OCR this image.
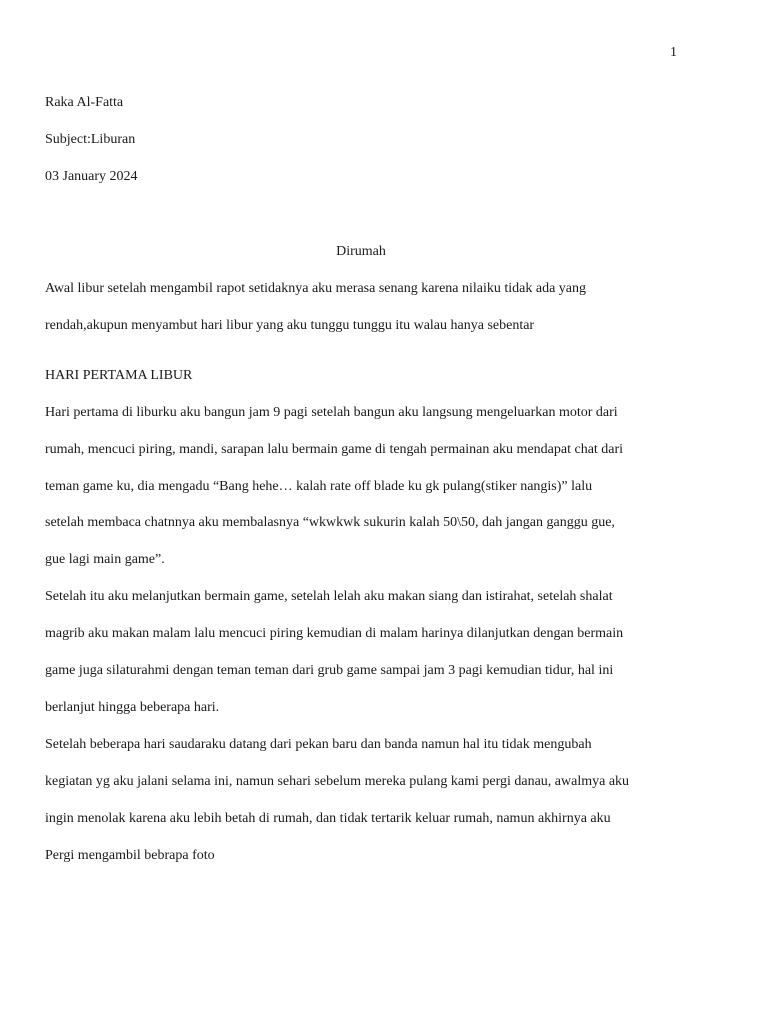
1
Raka Al-Fatta
Subject:Liburan
03 January 2024
Dirumah
Awal libur setelah mengambil rapot setidaknya aku merasa senang karena nilaiku tidak ada yang
rendah,akupun menyambut hari libur yang aku tunggu tunggu itu walau hanya sebentar
HARI PERTAMA LIBUR
Hari pertama di liburku aku bangun jam 9 pagi setelah bangun aku langsung mengeluarkan motor dari
rumah, mencuci piring, mandi, sarapan lalu bermain game di tengah permainan aku mendapat chat dari
teman game ku, dia mengadu “Bang hehe… kalah rate off blade ku gk pulang(stiker nangis)” lalu
setelah membaca chatnnya aku membalasnya “wkwkwk sukurin kalah 50\50, dah jangan ganggu gue,
gue lagi main game”.
Setelah itu aku melanjutkan bermain game, setelah lelah aku makan siang dan istirahat, setelah shalat
magrib aku makan malam lalu mencuci piring kemudian di malam harinya dilanjutkan dengan bermain
game juga silaturahmi dengan teman teman dari grub game sampai jam 3 pagi kemudian tidur, hal ini
berlanjut hingga beberapa hari.
Setelah beberapa hari saudaraku datang dari pekan baru dan banda namun hal itu tidak mengubah
kegiatan yg aku jalani selama ini, namun sehari sebelum mereka pulang kami pergi danau, awalmya aku
ingin menolak karena aku lebih betah di rumah, dan tidak tertarik keluar rumah, namun akhirnya aku
Pergi mengambil bebrapa foto
